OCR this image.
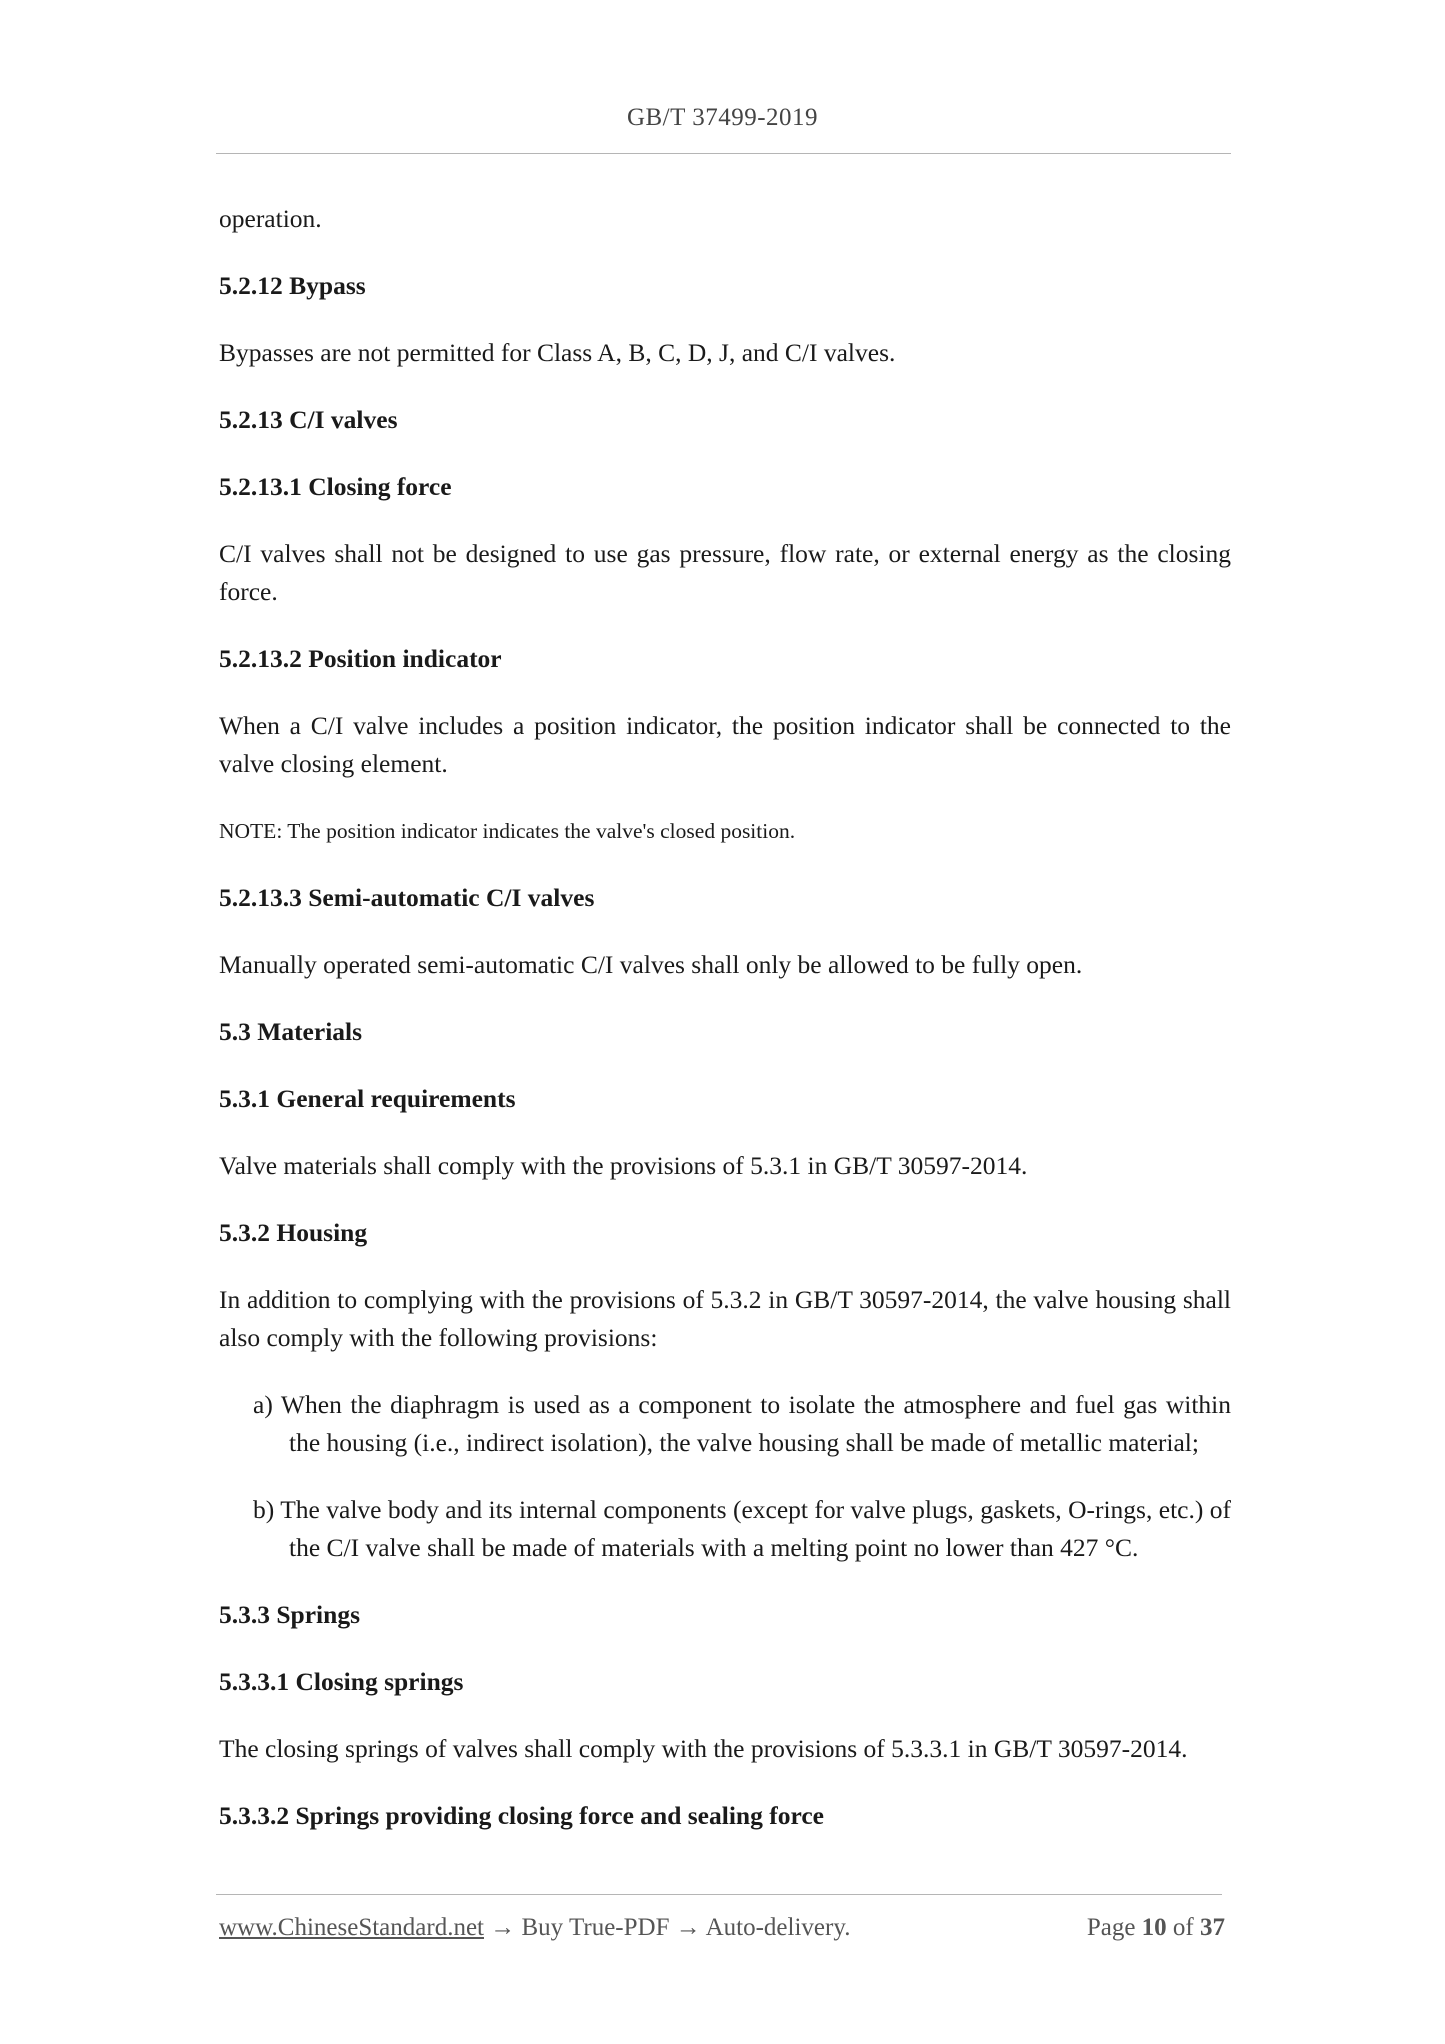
GB/T 37499-2019

operation.

5.2.12 Bypass

Bypasses are not permitted for Class A, B, C, D, J, and C/I valves.

5.2.13 C/I valves
5.2.13.1 Closing force

C/I valves shall not be designed to use gas pressure, flow rate, or external energy as the closing force.

5.2.13.2 Position indicator

When a C/I valve includes a position indicator, the position indicator shall be connected to the valve closing element.

NOTE: The position indicator indicates the valve's closed position.

5.2.13.3 Semi-automatic C/I valves

Manually operated semi-automatic C/I valves shall only be allowed to be fully open.

5.3 Materials
5.3.1 General requirements

Valve materials shall comply with the provisions of 5.3.1 in GB/T 30597-2014.

5.3.2 Housing

In addition to complying with the provisions of 5.3.2 in GB/T 30597-2014, the valve housing shall also comply with the following provisions:

a) When the diaphragm is used as a component to isolate the atmosphere and fuel gas within the housing (i.e., indirect isolation), the valve housing shall be made of metallic material;

b) The valve body and its internal components (except for valve plugs, gaskets, O-rings, etc.) of the C/I valve shall be made of materials with a melting point no lower than 427 °C.

5.3.3 Springs
5.3.3.1 Closing springs

The closing springs of valves shall comply with the provisions of 5.3.3.1 in GB/T 30597-2014.

5.3.3.2 Springs providing closing force and sealing force
www.ChineseStandard.net → Buy True-PDF → Auto-delivery.	Page 10 of 37
